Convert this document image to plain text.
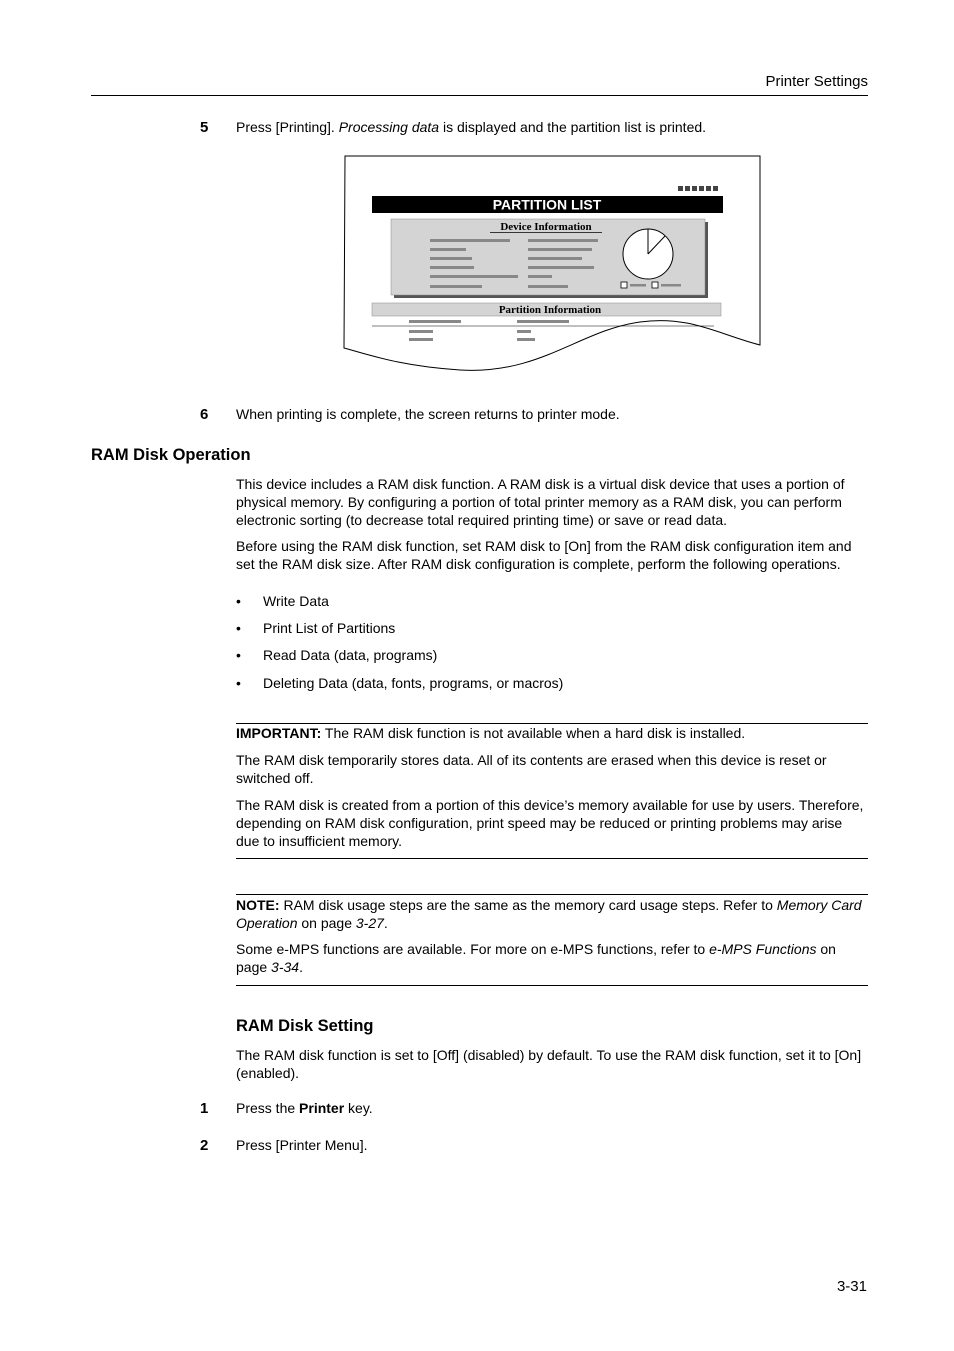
Printer Settings
5 Press [Printing]. Processing data is displayed and the partition list is printed.
PARTITION LIST
Device Information
Partition Information
6 When printing is complete, the screen returns to printer mode.
RAM Disk Operation
This device includes a RAM disk function. A RAM disk is a virtual disk device that uses a portion of physical memory. By configuring a portion of total printer memory as a RAM disk, you can perform electronic sorting (to decrease total required printing time) or save or read data.
Before using the RAM disk function, set RAM disk to [On] from the RAM disk configuration item and set the RAM disk size. After RAM disk configuration is complete, perform the following operations.
• Write Data
• Print List of Partitions
• Read Data (data, programs)
• Deleting Data (data, fonts, programs, or macros)
IMPORTANT: The RAM disk function is not available when a hard disk is installed.
The RAM disk temporarily stores data. All of its contents are erased when this device is reset or switched off.
The RAM disk is created from a portion of this device’s memory available for use by users. Therefore, depending on RAM disk configuration, print speed may be reduced or printing problems may arise due to insufficient memory.
NOTE: RAM disk usage steps are the same as the memory card usage steps. Refer to Memory Card Operation on page 3-27.
Some e-MPS functions are available. For more on e-MPS functions, refer to e-MPS Functions on page 3-34.
RAM Disk Setting
The RAM disk function is set to [Off] (disabled) by default. To use the RAM disk function, set it to [On] (enabled).
1 Press the Printer key.
2 Press [Printer Menu].
3-31
